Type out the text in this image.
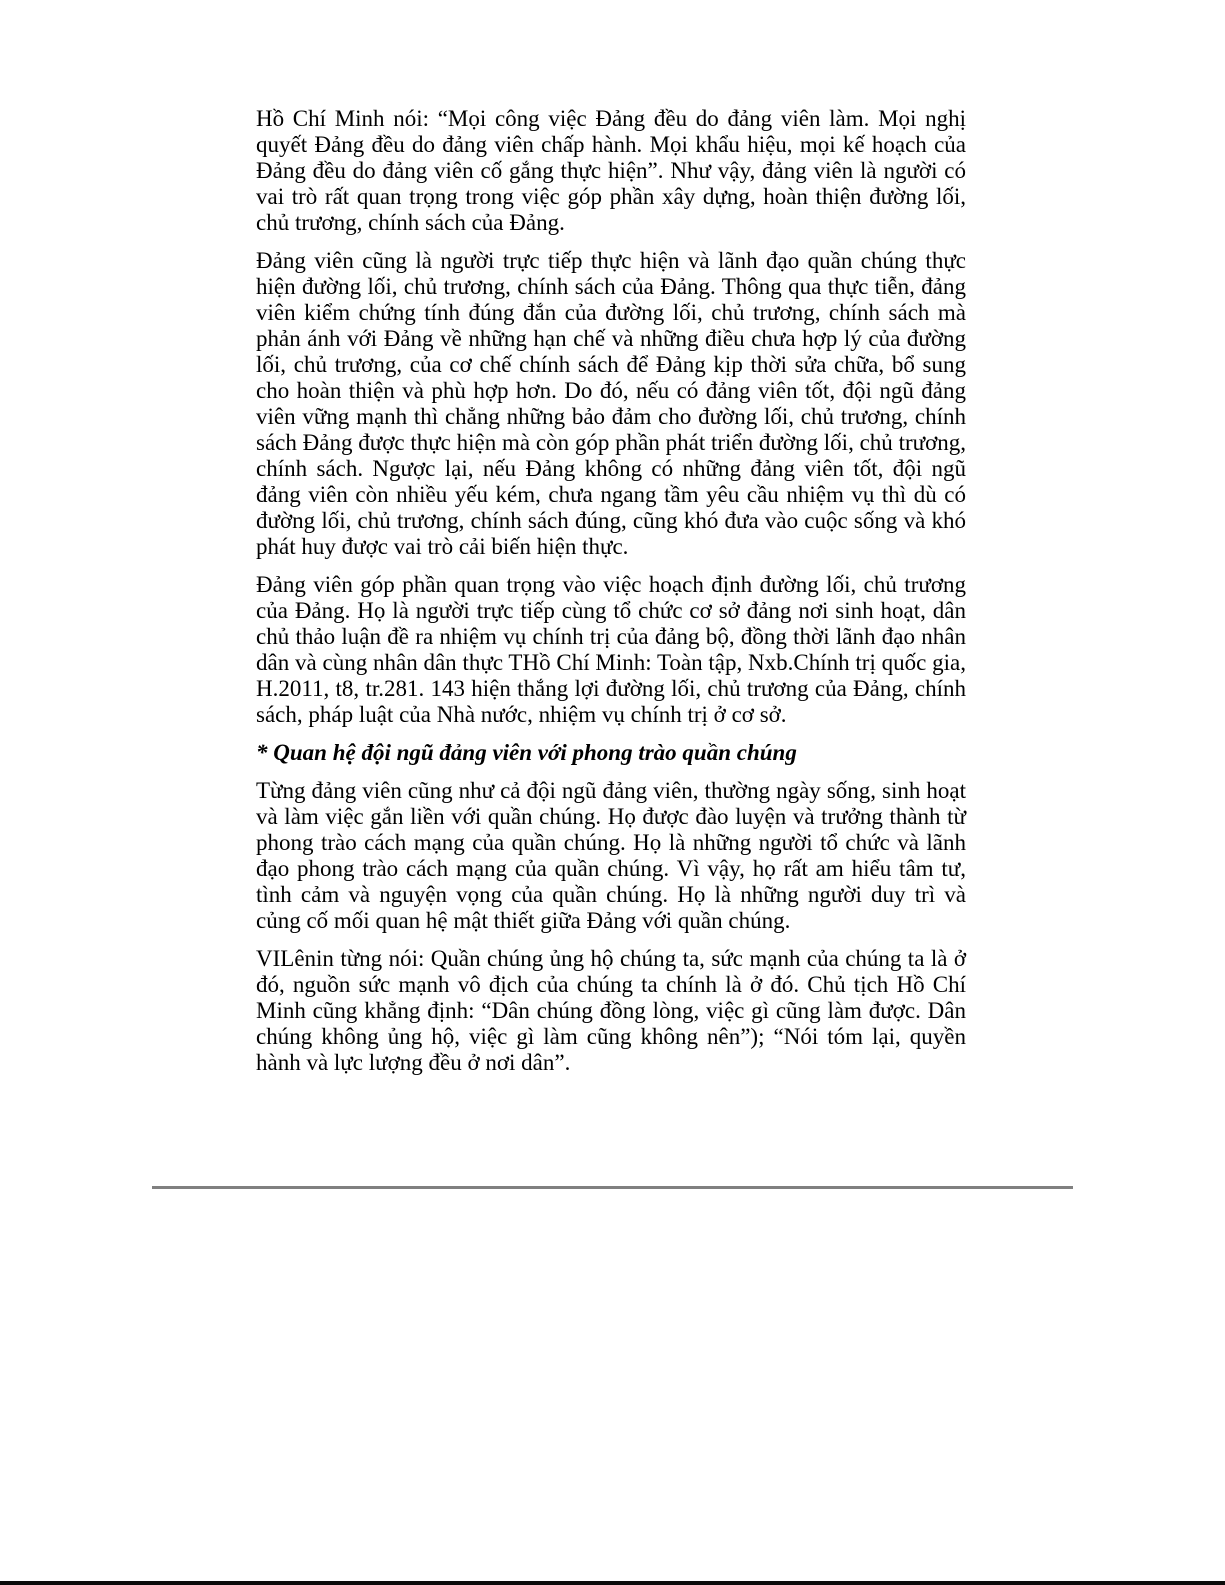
Hồ Chí Minh nói: “Mọi công việc Đảng đều do đảng viên làm. Mọi nghị quyết Đảng đều do đảng viên chấp hành. Mọi khẩu hiệu, mọi kế hoạch của Đảng đều do đảng viên cố gắng thực hiện”. Như vậy, đảng viên là người có vai trò rất quan trọng trong việc góp phần xây dựng, hoàn thiện đường lối, chủ trương, chính sách của Đảng.

Đảng viên cũng là người trực tiếp thực hiện và lãnh đạo quần chúng thực hiện đường lối, chủ trương, chính sách của Đảng. Thông qua thực tiễn, đảng viên kiểm chứng tính đúng đắn của đường lối, chủ trương, chính sách mà phản ánh với Đảng về những hạn chế và những điều chưa hợp lý của đường lối, chủ trương, của cơ chế chính sách để Đảng kịp thời sửa chữa, bổ sung cho hoàn thiện và phù hợp hơn. Do đó, nếu có đảng viên tốt, đội ngũ đảng viên vững mạnh thì chẳng những bảo đảm cho đường lối, chủ trương, chính sách Đảng được thực hiện mà còn góp phần phát triển đường lối, chủ trương, chính sách. Ngược lại, nếu Đảng không có những đảng viên tốt, đội ngũ đảng viên còn nhiều yếu kém, chưa ngang tầm yêu cầu nhiệm vụ thì dù có đường lối, chủ trương, chính sách đúng, cũng khó đưa vào cuộc sống và khó phát huy được vai trò cải biến hiện thực.

Đảng viên góp phần quan trọng vào việc hoạch định đường lối, chủ trương của Đảng. Họ là người trực tiếp cùng tổ chức cơ sở đảng nơi sinh hoạt, dân chủ thảo luận đề ra nhiệm vụ chính trị của đảng bộ, đồng thời lãnh đạo nhân dân và cùng nhân dân thực THồ Chí Minh: Toàn tập, Nxb.Chính trị quốc gia, H.2011, t8, tr.281. 143 hiện thắng lợi đường lối, chủ trương của Đảng, chính sách, pháp luật của Nhà nước, nhiệm vụ chính trị ở cơ sở.

* Quan hệ đội ngũ đảng viên với phong trào quần chúng

Từng đảng viên cũng như cả đội ngũ đảng viên, thường ngày sống, sinh hoạt và làm việc gắn liền với quần chúng. Họ được đào luyện và trưởng thành từ phong trào cách mạng của quần chúng. Họ là những người tổ chức và lãnh đạo phong trào cách mạng của quần chúng. Vì vậy, họ rất am hiểu tâm tư, tình cảm và nguyện vọng của quần chúng. Họ là những người duy trì và củng cố mối quan hệ mật thiết giữa Đảng với quần chúng.

VILênin từng nói: Quần chúng ủng hộ chúng ta, sức mạnh của chúng ta là ở đó, nguồn sức mạnh vô địch của chúng ta chính là ở đó. Chủ tịch Hồ Chí Minh cũng khẳng định: “Dân chúng đồng lòng, việc gì cũng làm được. Dân chúng không ủng hộ, việc gì làm cũng không nên”); “Nói tóm lại, quyền hành và lực lượng đều ở nơi dân”.
